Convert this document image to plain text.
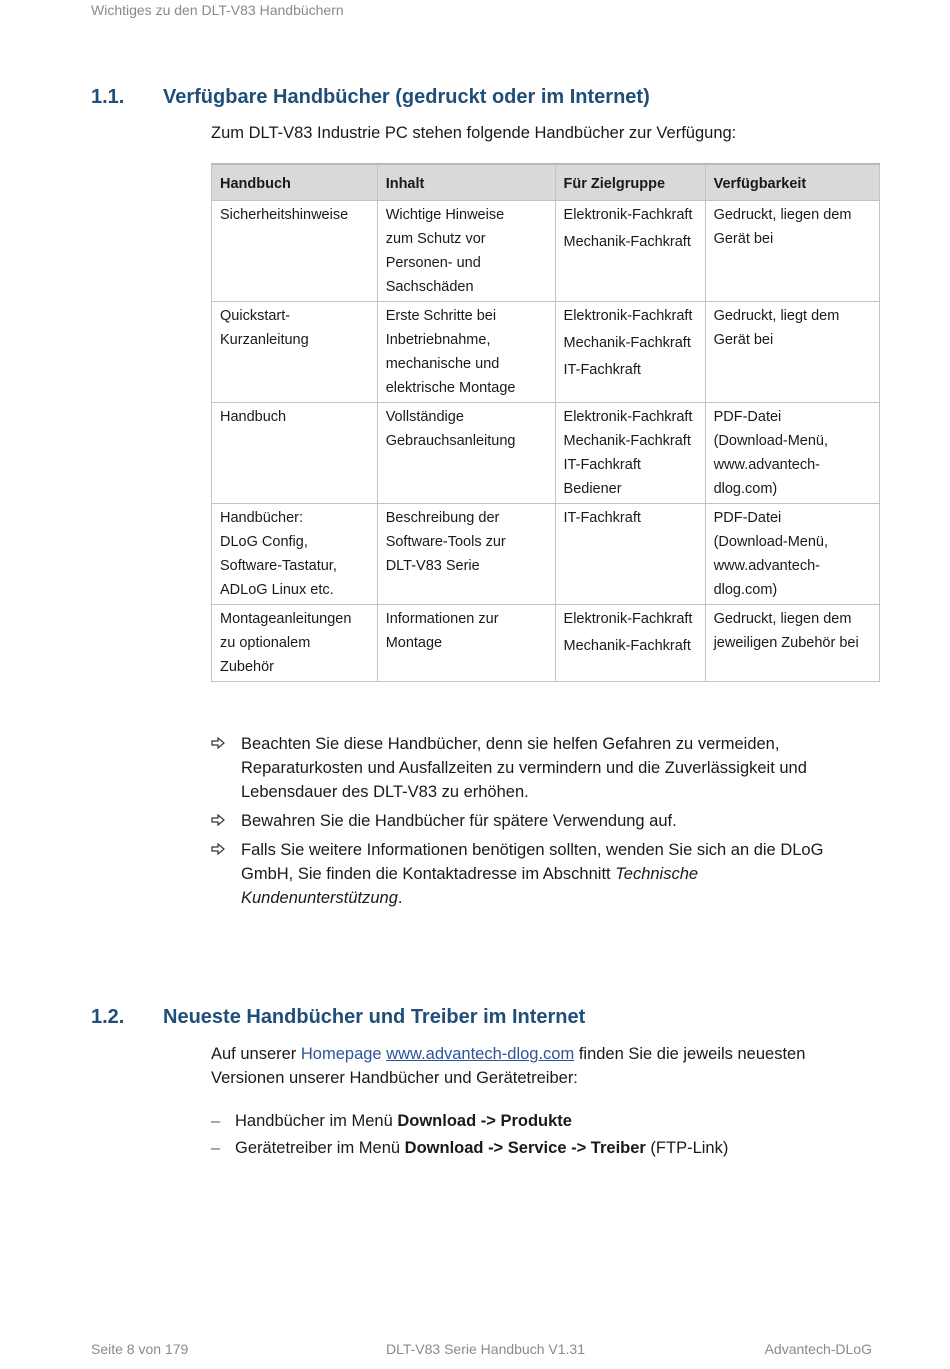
Wichtiges zu den DLT-V83 Handbüchern
1.1. Verfügbare Handbücher (gedruckt oder im Internet)
Zum DLT-V83 Industrie PC stehen folgende Handbücher zur Verfügung:
Handbuch	Inhalt	Für Zielgruppe	Verfügbarkeit

Sicherheitshinweise	Wichtige Hinweise
zum Schutz vor
Personen- und
Sachschäden	Elektronik-Fachkraft
Mechanik-Fachkraft	Gedruckt, liegen dem
Gerät bei

Quickstart-
Kurzanleitung	Erste Schritte bei
Inbetriebnahme,
mechanische und
elektrische Montage	Elektronik-Fachkraft
Mechanik-Fachkraft
IT-Fachkraft	Gedruckt, liegt dem
Gerät bei

Handbuch	Vollständige
Gebrauchsanleitung	Elektronik-Fachkraft
Mechanik-Fachkraft
IT-Fachkraft
Bediener	PDF-Datei
(Download-Menü,
www.advantech-
dlog.com)

Handbücher:
DLoG Config,
Software-Tastatur,
ADLoG Linux etc.	Beschreibung der
Software-Tools zur
DLT-V83 Serie	IT-Fachkraft	PDF-Datei
(Download-Menü,
www.advantech-
dlog.com)

Montageanleitungen
zu optionalem
Zubehör	Informationen zur
Montage	Elektronik-Fachkraft
Mechanik-Fachkraft	Gedruckt, liegen dem
jeweiligen Zubehör bei
Beachten Sie diese Handbücher, denn sie helfen Gefahren zu vermeiden, Reparaturkosten und Ausfallzeiten zu vermindern und die Zuverlässigkeit und Lebensdauer des DLT-V83 zu erhöhen.
Bewahren Sie die Handbücher für spätere Verwendung auf.
Falls Sie weitere Informationen benötigen sollten, wenden Sie sich an die DLoG GmbH, Sie finden die Kontaktadresse im Abschnitt Technische Kundenunterstützung.
1.2. Neueste Handbücher und Treiber im Internet
Auf unserer Homepage www.advantech-dlog.com finden Sie die jeweils neuesten Versionen unserer Handbücher und Gerätetreiber:
– Handbücher im Menü Download -> Produkte
– Gerätetreiber im Menü Download -> Service -> Treiber (FTP-Link)
Seite 8 von 179	DLT-V83 Serie Handbuch V1.31	Advantech-DLoG
